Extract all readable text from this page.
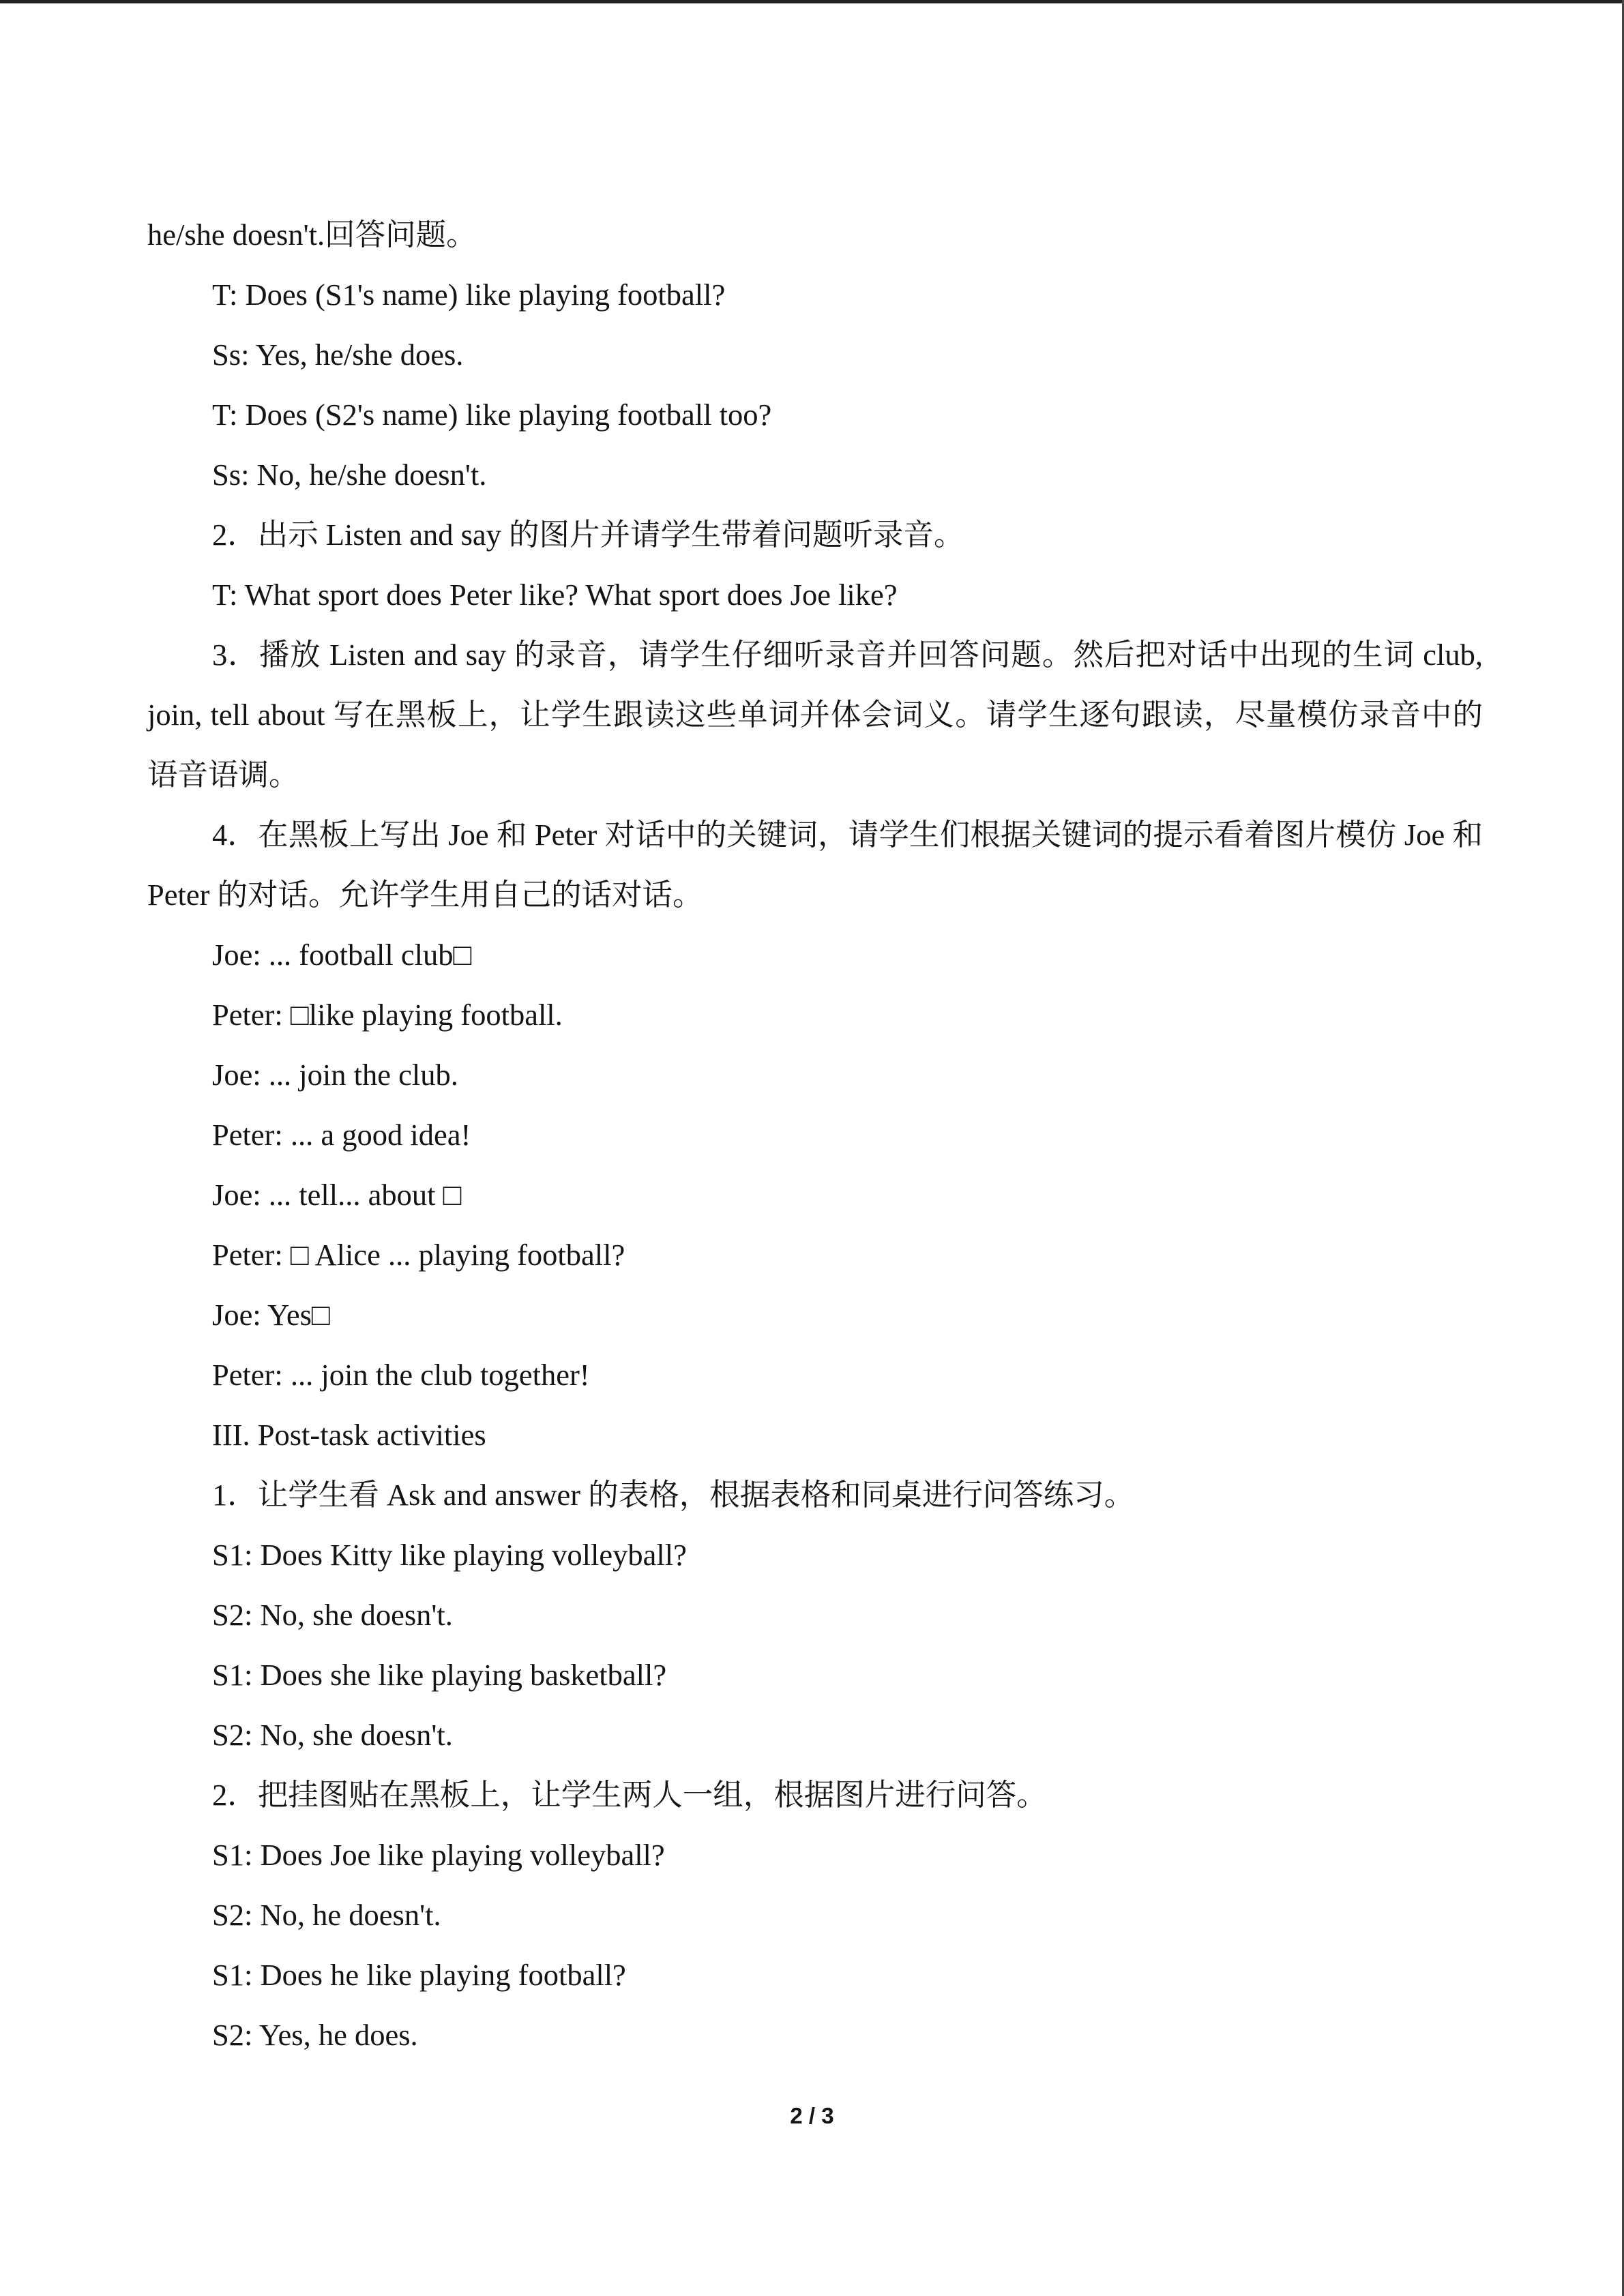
he/she doesn't.回答问题。
T: Does (S1's name) like playing football?
Ss: Yes, he/she does.
T: Does (S2's name) like playing football too?
Ss: No, he/she doesn't.
2．出示 Listen and say 的图片并请学生带着问题听录音。
T: What sport does Peter like? What sport does Joe like?
3．播放 Listen and say 的录音，请学生仔细听录音并回答问题。然后把对话中出现的生词 club, join, tell about 写在黑板上，让学生跟读这些单词并体会词义。请学生逐句跟读，尽量模仿录音中的语音语调。
4．在黑板上写出 Joe 和 Peter 对话中的关键词，请学生们根据关键词的提示看着图片模仿 Joe 和 Peter 的对话。允许学生用自己的话对话。
Joe: ... football club□
Peter: □like playing football.
Joe: ... join the club.
Peter: ... a good idea!
Joe: ... tell... about □
Peter: □ Alice ... playing football?
Joe: Yes□
Peter: ... join the club together!
III. Post-task activities
1．让学生看 Ask and answer 的表格，根据表格和同桌进行问答练习。
S1: Does Kitty like playing volleyball?
S2: No, she doesn't.
S1: Does she like playing basketball?
S2: No, she doesn't.
2．把挂图贴在黑板上，让学生两人一组，根据图片进行问答。
S1: Does Joe like playing volleyball?
S2: No, he doesn't.
S1: Does he like playing football?
S2: Yes, he does.
2 / 3
